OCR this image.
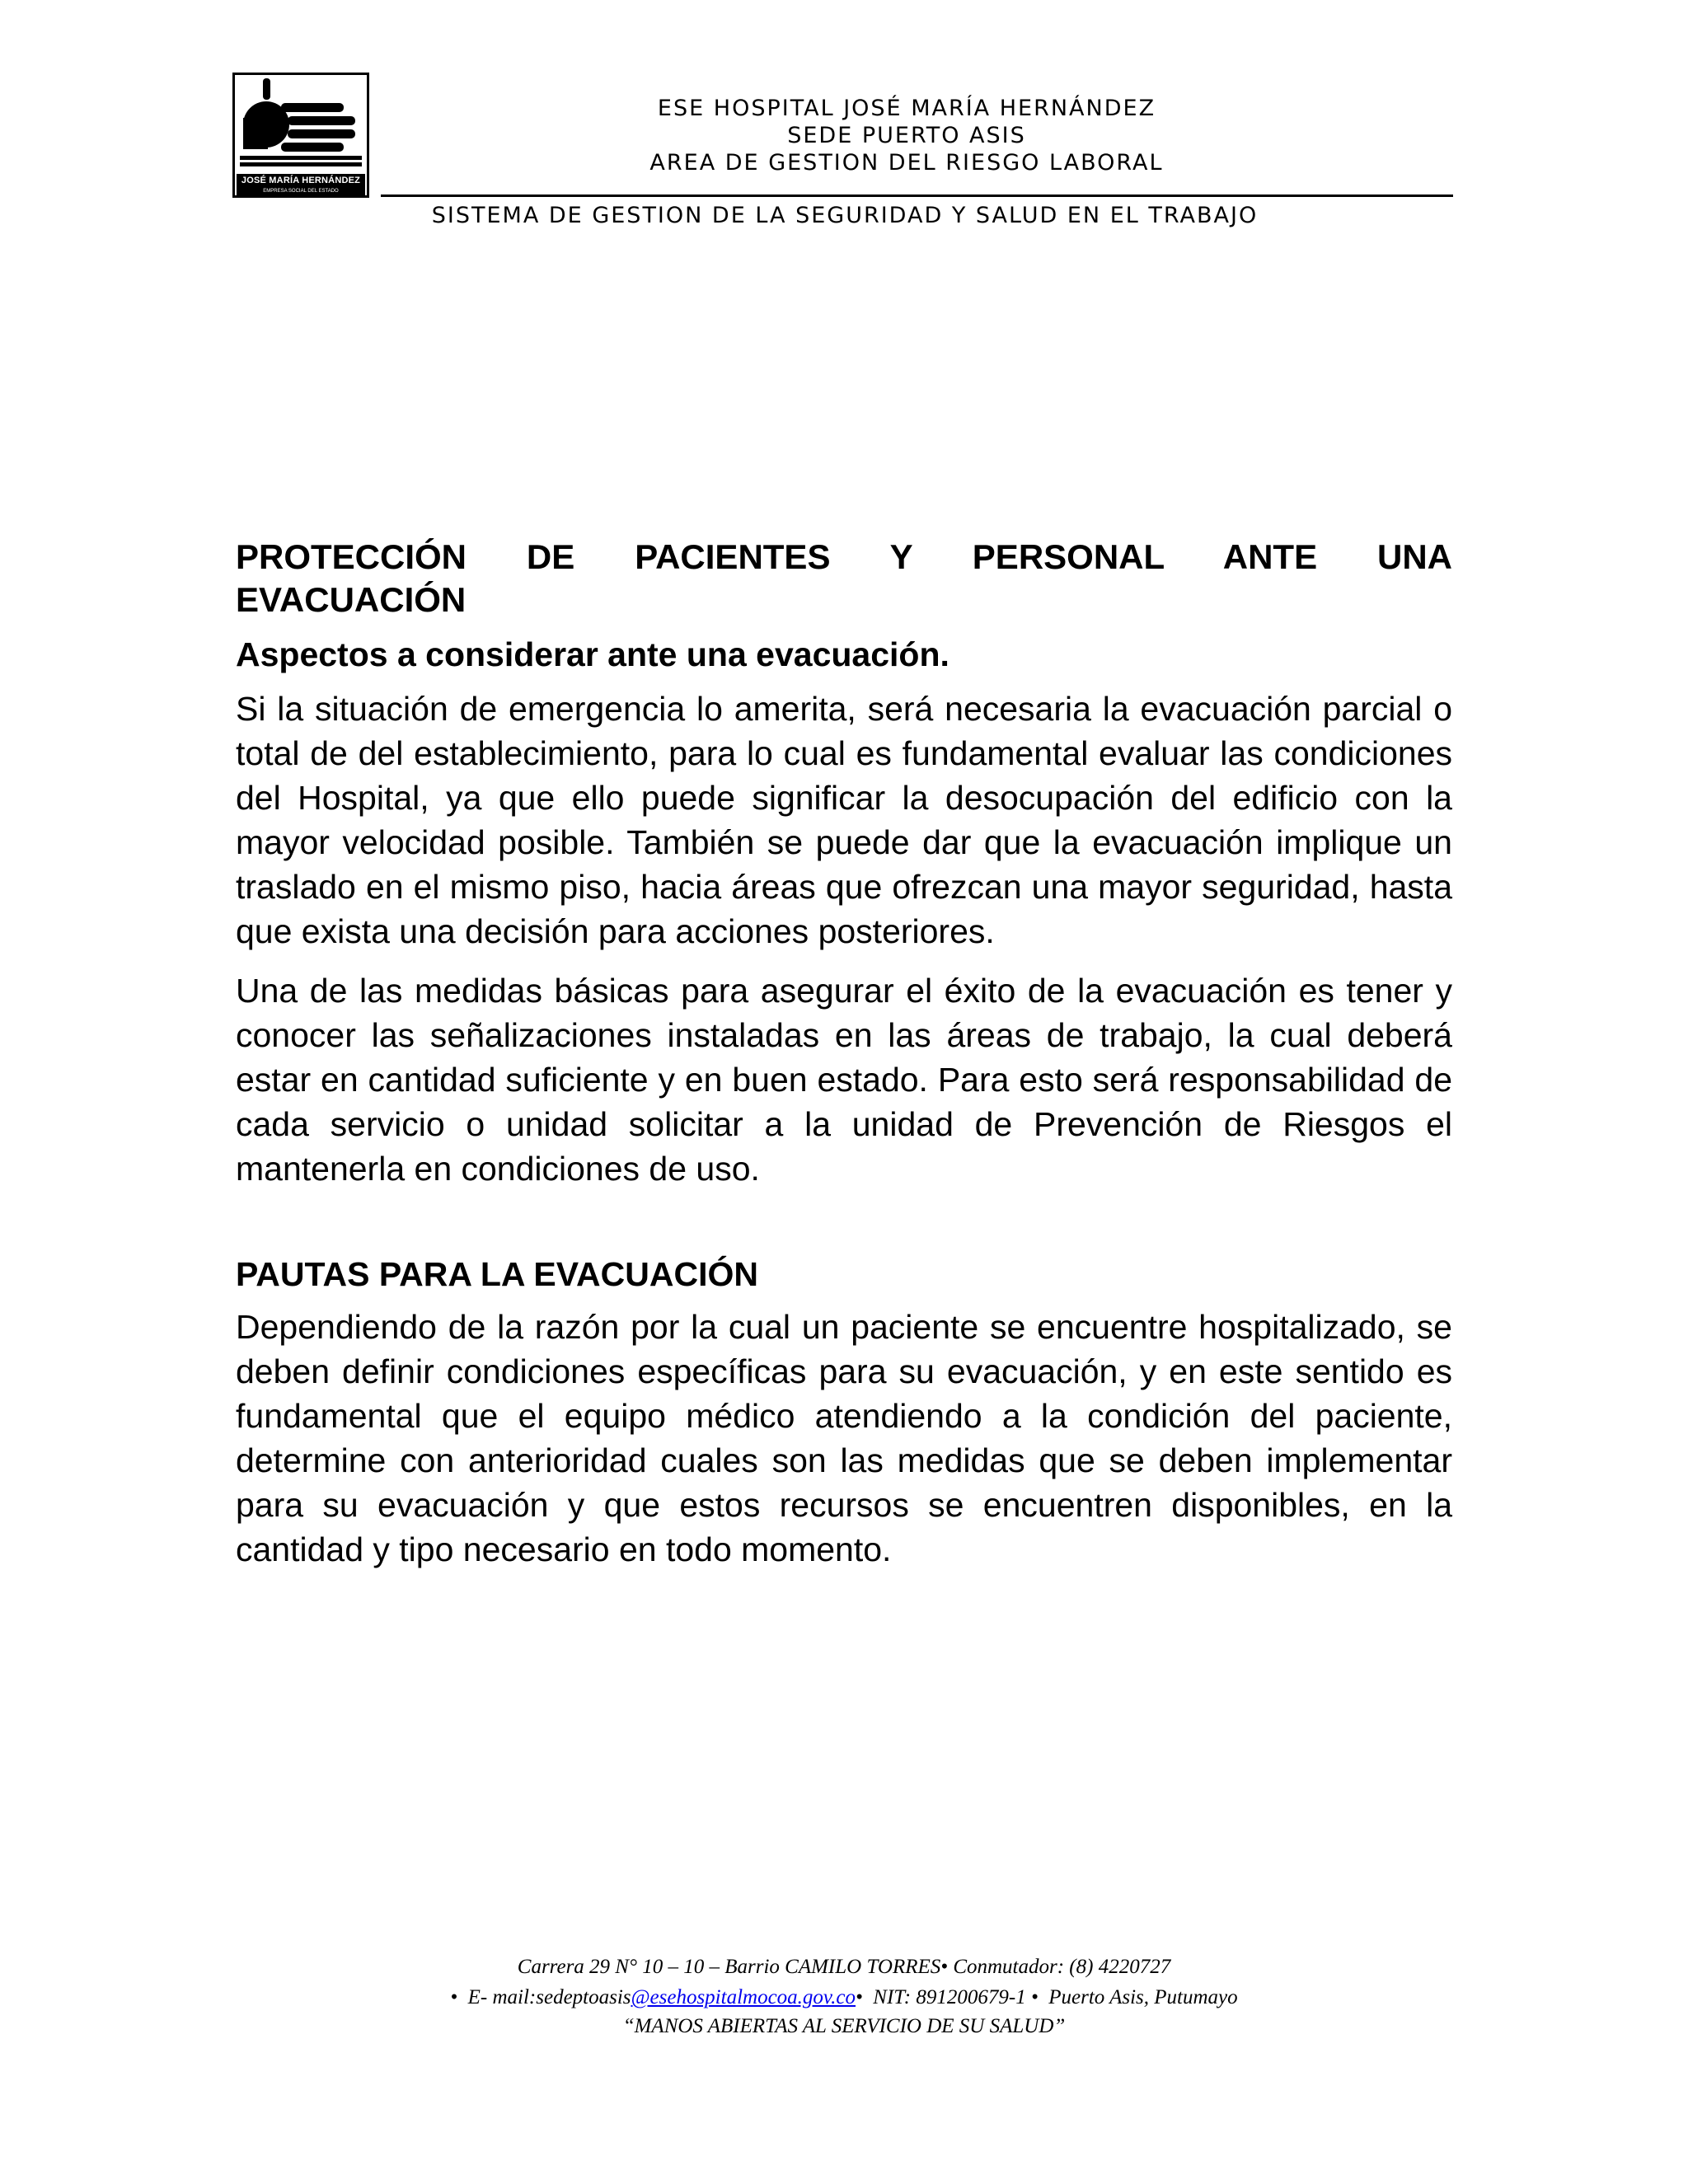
JOSÉ MARÍA HERNÁNDEZ
EMPRESA SOCIAL DEL ESTADO
ESE HOSPITAL JOSÉ MARÍA HERNÁNDEZ
SEDE PUERTO ASIS
AREA DE GESTION DEL RIESGO LABORAL
SISTEMA DE GESTION DE LA SEGURIDAD Y SALUD EN EL TRABAJO
PROTECCIÓN DE PACIENTES Y PERSONAL ANTE UNA
EVACUACIÓN
Aspectos a considerar ante una evacuación.

Si la situación de emergencia lo amerita, será necesaria la evacuación parcial o total de del establecimiento, para lo cual es fundamental evaluar las condiciones del Hospital, ya que ello puede significar la desocupación del edificio con la mayor velocidad posible. También se puede dar que la evacuación implique un traslado en el mismo piso, hacia áreas que ofrezcan una mayor seguridad, hasta que exista una decisión para acciones posteriores.

Una de las medidas básicas para asegurar el éxito de la evacuación es tener y conocer las señalizaciones instaladas en las áreas de trabajo, la cual deberá estar en cantidad suficiente y en buen estado. Para esto será responsabilidad de cada servicio o unidad solicitar a la unidad de Prevención de Riesgos el mantenerla en condiciones de uso.

PAUTAS PARA LA EVACUACIÓN

Dependiendo de la razón por la cual un paciente se encuentre hospitalizado, se deben definir condiciones específicas para su evacuación, y en este sentido es fundamental que el equipo médico atendiendo a la condición del paciente, determine con anterioridad cuales son las medidas que se deben implementar para su evacuación y que estos recursos se encuentren disponibles, en la cantidad y tipo necesario en todo momento.

Carrera 29 N° 10 – 10 – Barrio CAMILO TORRES• Conmutador: (8) 4220727
• E- mail:sedeptoasis@esehospitalmocoa.gov.co• NIT: 891200679-1 • Puerto Asis, Putumayo
“MANOS ABIERTAS AL SERVICIO DE SU SALUD”
